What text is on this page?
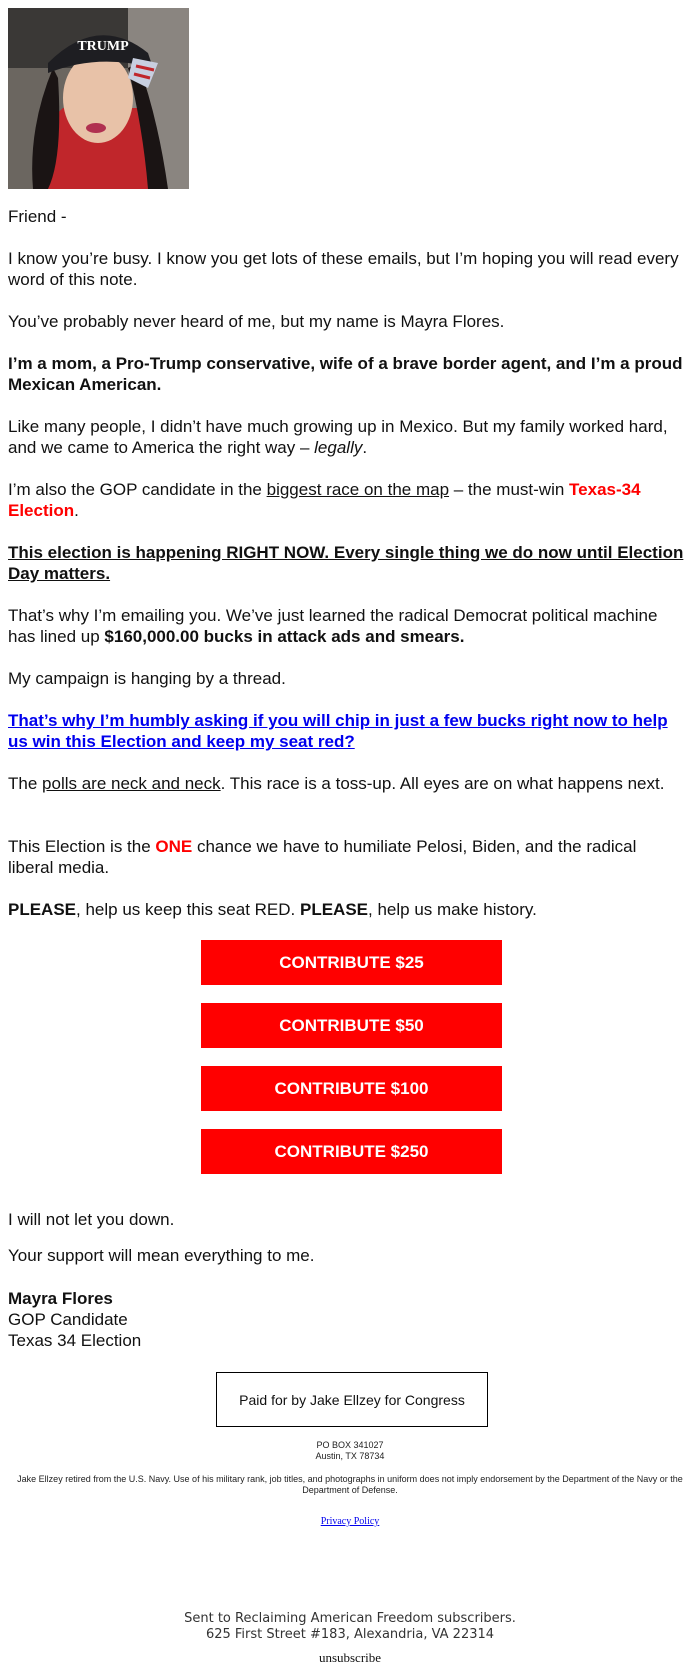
TRUMP

Friend -

I know you’re busy. I know you get lots of these emails, but I’m hoping you will read every word of this note.

You’ve probably never heard of me, but my name is Mayra Flores.

I’m a mom, a Pro-Trump conservative, wife of a brave border agent, and I’m a proud Mexican American.

Like many people, I didn’t have much growing up in Mexico. But my family worked hard, and we came to America the right way – legally.

I’m also the GOP candidate in the biggest race on the map – the must-win Texas-34 Election.

This election is happening RIGHT NOW. Every single thing we do now until Election Day matters.

That’s why I’m emailing you. We’ve just learned the radical Democrat political machine has lined up $160,000.00 bucks in attack ads and smears.

My campaign is hanging by a thread.

That’s why I’m humbly asking if you will chip in just a few bucks right now to help us win this Election and keep my seat red?

The polls are neck and neck. This race is a toss-up. All eyes are on what happens next.

This Election is the ONE chance we have to humiliate Pelosi, Biden, and the radical liberal media.

PLEASE, help us keep this seat RED. PLEASE, help us make history.

CONTRIBUTE $25
CONTRIBUTE $50
CONTRIBUTE $100
CONTRIBUTE $250

I will not let you down.

Your support will mean everything to me.

Mayra Flores

GOP Candidate

Texas 34 Election

Paid for by Jake Ellzey for Congress
PO BOX 341027
Austin, TX 78734
Jake Ellzey retired from the U.S. Navy. Use of his military rank, job titles, and photographs in uniform does not imply endorsement by the Department of the Navy or the Department of Defense.
Privacy Policy
Sent to Reclaiming American Freedom subscribers.
625 First Street #183, Alexandria, VA 22314
unsubscribe
